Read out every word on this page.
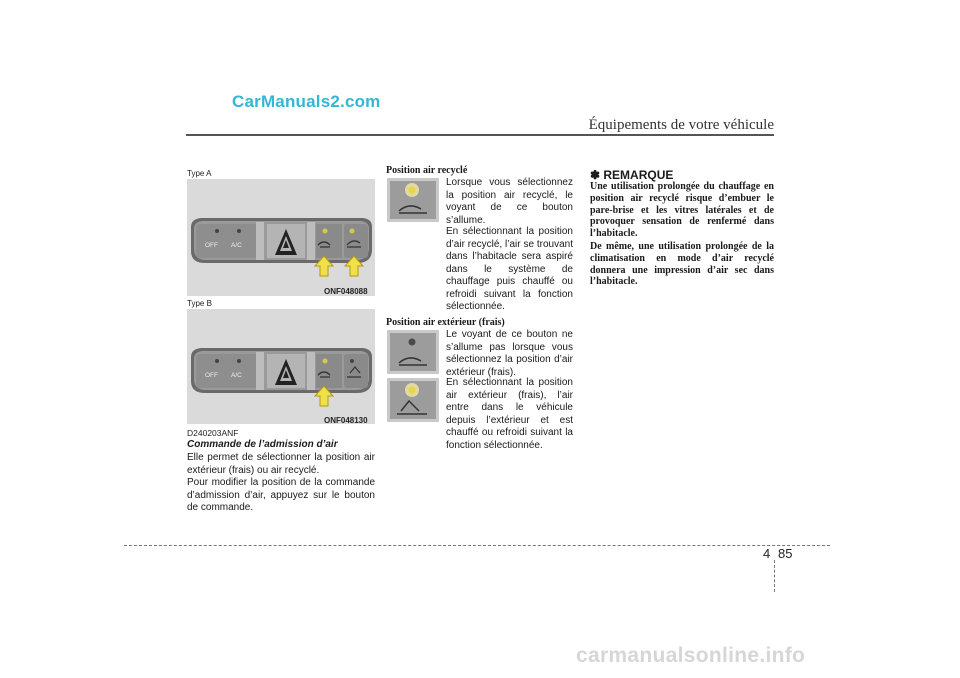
CarManuals2.com
Équipements de votre véhicule
Type A
OFF A/C
ONF048088
Type B
OFF A/C
ONF048130
D240203ANF
Commande de l’admission d’air
Elle permet de sélectionner la position air extérieur (frais) ou air recyclé.
Pour modifier la position de la commande d’admission d’air, appuyez sur le bouton de commande.
Position air recyclé
Lorsque vous sélectionnez la position air recyclé, le voyant de ce bouton s’allume.
En sélectionnant la position d’air recyclé, l’air se trouvant dans l’habitacle sera aspiré dans le système de chauffage puis chauffé ou refroidi suivant la fonction sélectionnée.
Position air extérieur (frais)
Le voyant de ce bouton ne s’allume pas lorsque vous sélectionnez la position d’air extérieur (frais).
En sélectionnant la position air extérieur (frais), l’air entre dans le véhicule depuis l’extérieur et est chauffé ou refroidi suivant la fonction sélectionnée.
✽ REMARQUE
Une utilisation prolongée du chauffage en position air recyclé risque d’embuer le pare-brise et les vitres latérales et de provoquer sensation de renfermé dans l’habitacle.
De même, une utilisation prolongée de la climatisation en mode d’air recyclé donnera une impression d’air sec dans l’habitacle.
4 85
carmanualsonline.info
